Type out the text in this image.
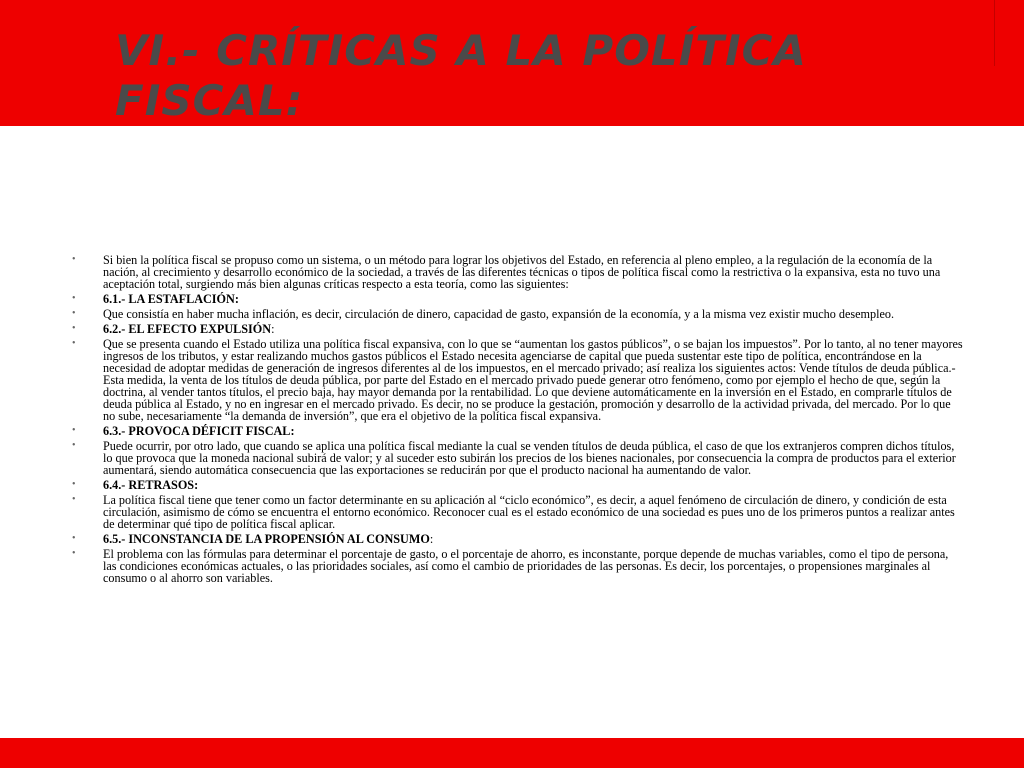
VI.- CRÍTICAS A LA POLÍTICA FISCAL:
• Si bien la política fiscal se propuso como un sistema, o un método para lograr los objetivos del Estado, en referencia al pleno empleo, a la regulación de la economía de la nación, al crecimiento y desarrollo económico de la sociedad, a través de las diferentes técnicas o tipos de política fiscal como la restrictiva o la expansiva, esta no tuvo una aceptación total, surgiendo más bien algunas críticas respecto a esta teoría, como las siguientes:
• 6.1.- LA ESTAFLACIÓN:
• Que consistía en haber mucha inflación, es decir, circulación de dinero, capacidad de gasto, expansión de la economía, y a la misma vez existir mucho desempleo.
• 6.2.- EL EFECTO EXPULSIÓN:
• Que se presenta cuando el Estado utiliza una política fiscal expansiva, con lo que se “aumentan los gastos públicos”, o se bajan los impuestos”. Por lo tanto, al no tener mayores ingresos de los tributos, y estar realizando muchos gastos públicos el Estado necesita agenciarse de capital que pueda sustentar este tipo de política, encontrándose en la necesidad de adoptar medidas de generación de ingresos diferentes al de los impuestos, en el mercado privado; así realiza los siguientes actos: Vende títulos de deuda pública.- Esta medida, la venta de los títulos de deuda pública, por parte del Estado en el mercado privado puede generar otro fenómeno, como por ejemplo el hecho de que, según la doctrina, al vender tantos títulos, el precio baja, hay mayor demanda por la rentabilidad. Lo que deviene automáticamente en la inversión en el Estado, en comprarle títulos de deuda pública al Estado, y no en ingresar en el mercado privado. Es decir, no se produce la gestación, promoción y desarrollo de la actividad privada, del mercado. Por lo que no sube, necesariamente “la demanda de inversión”, que era el objetivo de la política fiscal expansiva.
• 6.3.- PROVOCA DÉFICIT FISCAL:
• Puede ocurrir, por otro lado, que cuando se aplica una política fiscal mediante la cual se venden títulos de deuda pública, el caso de que los extranjeros compren dichos títulos, lo que provoca que la moneda nacional subirá de valor; y al suceder esto subirán los precios de los bienes nacionales, por consecuencia la compra de productos para el exterior aumentará, siendo automática consecuencia que las exportaciones se reducirán por que el producto nacional ha aumentando de valor.
• 6.4.- RETRASOS:
• La política fiscal tiene que tener como un factor determinante en su aplicación al “ciclo económico”, es decir, a aquel fenómeno de circulación de dinero, y condición de esta circulación, asimismo de cómo se encuentra el entorno económico. Reconocer cual es el estado económico de una sociedad es pues uno de los primeros puntos a realizar antes de determinar qué tipo de política fiscal aplicar.
• 6.5.- INCONSTANCIA DE LA PROPENSIÓN AL CONSUMO:
• El problema con las fórmulas para determinar el porcentaje de gasto, o el porcentaje de ahorro, es inconstante, porque depende de muchas variables, como el tipo de persona, las condiciones económicas actuales, o las prioridades sociales, así como el cambio de prioridades de las personas. Es decir, los porcentajes, o propensiones marginales al consumo o al ahorro son variables.
